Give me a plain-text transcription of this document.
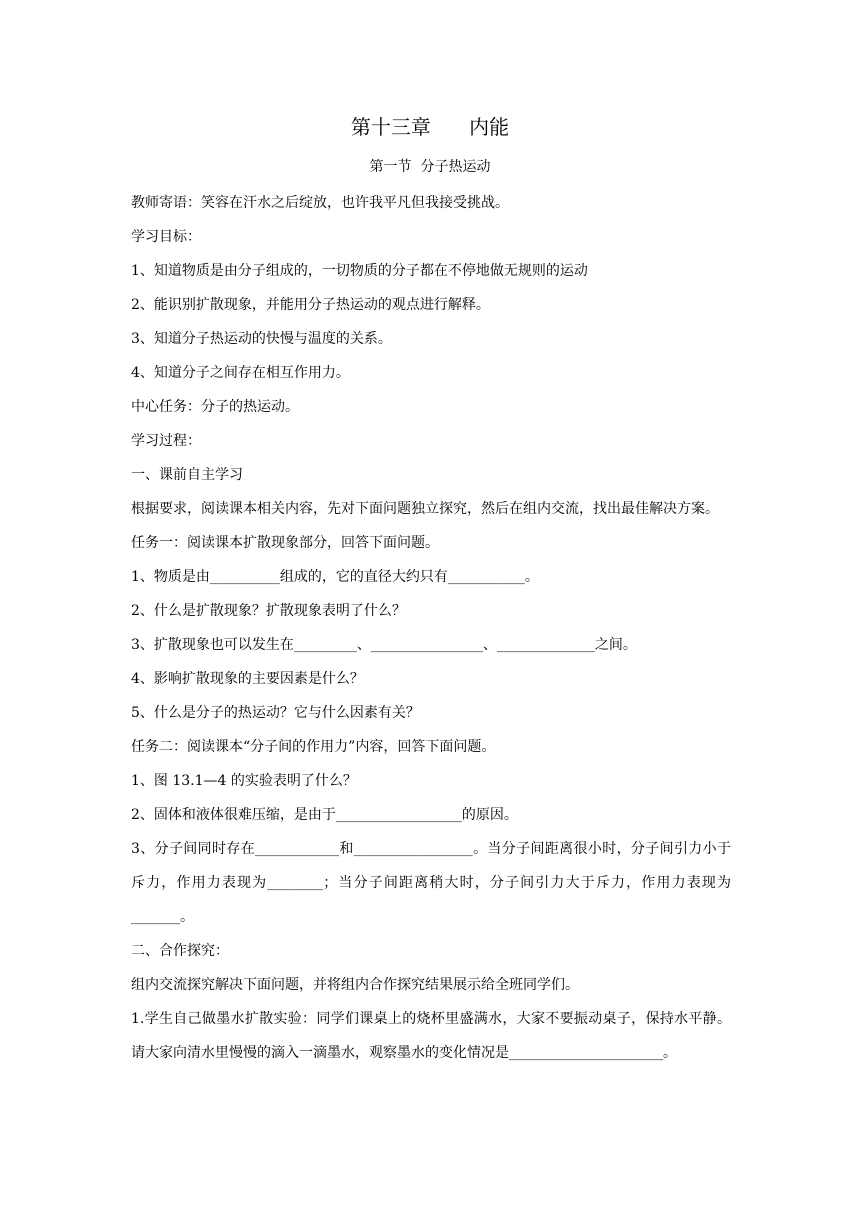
第十三章      内能
第一节  分子热运动

教师寄语：笑容在汗水之后绽放，也许我平凡但我接受挑战。

学习目标：

1、知道物质是由分子组成的，一切物质的分子都在不停地做无规则的运动

2、能识别扩散现象，并能用分子热运动的观点进行解释。

3、知道分子热运动的快慢与温度的关系。

4、知道分子之间存在相互作用力。

中心任务：分子的热运动。

学习过程：

一、课前自主学习

根据要求，阅读课本相关内容，先对下面问题独立探究，然后在组内交流，找出最佳解决方案。

任务一：阅读课本扩散现象部分，回答下面问题。

1、物质是由__________组成的，它的直径大约只有___________。

2、什么是扩散现象？扩散现象表明了什么？

3、扩散现象也可以发生在_________、________________、______________之间。

4、影响扩散现象的主要因素是什么？

5、什么是分子的热运动？它与什么因素有关？

任务二：阅读课本“分子间的作用力”内容，回答下面问题。

1、图 13.1—4 的实验表明了什么？

2、固体和液体很难压缩，是由于__________________的原因。

3、分子间同时存在____________和_________________。当分子间距离很小时，分子间引力小于斥力，作用力表现为________；当分子间距离稍大时，分子间引力大于斥力，作用力表现为_______。

二、合作探究：

组内交流探究解决下面问题，并将组内合作探究结果展示给全班同学们。

1.学生自己做墨水扩散实验：同学们课桌上的烧杯里盛满水，大家不要振动桌子，保持水平静。请大家向清水里慢慢的滴入一滴墨水，观察墨水的变化情况是______________________。
